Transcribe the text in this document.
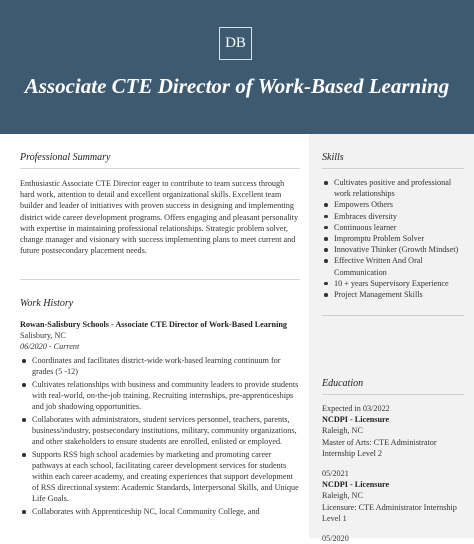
DB
Associate CTE Director of Work-Based Learning
Professional Summary

Enthusiastic Associate CTE Director eager to contribute to team success through hard work, attention to detail and excellent organizational skills. Excellent team builder and leader of initiatives with proven success in designing and implementing district wide career development programs. Offers engaging and pleasant personality with expertise in maintaining professional relationships. Strategic problem solver, change manager and visionary with success implementing plans to meet current and future postsecondary placement needs.

Work History
Rowan-Salisbury Schools - Associate CTE Director of Work-Based Learning
Salisbury, NC
06/2020 - Current
Coordinates and facilitates district-wide work-based learning continuum for grades (5 -12)
Cultivates relationships with business and community leaders to provide students with real-world, on-the-job training. Recruiting internships, pre-apprenticeships and job shadowing opportunities.
Collaborates with administrators, student services personnel, teachers, parents, business/industry, postsecondary institutions, military, community organizations, and other stakeholders to ensure students are enrolled, enlisted or employed.
Supports RSS high school academies by marketing and promoting career pathways at each school, facilitating career development services for students within each career academy, and creating experiences that support development of RSS directional system: Academic Standards, Interpersonal Skills, and Unique Life Goals.
Collaborates with Apprenticeship NC, local Community College, and
Skills
Cultivates positive and professional work relationships
Empowers Others
Embraces diversity
Continuous learner
Impromptu Problem Solver
Innovative Thinker (Growth Mindset)
Effective Written And Oral Communication
10 + years Supervisory Experience
Project Management Skills
Education
Expected in 03/2022
NCDPI - Licensure
Raleigh, NC
Master of Arts: CTE Administrator Internship Level 2
05/2021
NCDPI - Licensure
Raleigh, NC
Licensure: CTE Administrator Internship Level 1
05/2020
